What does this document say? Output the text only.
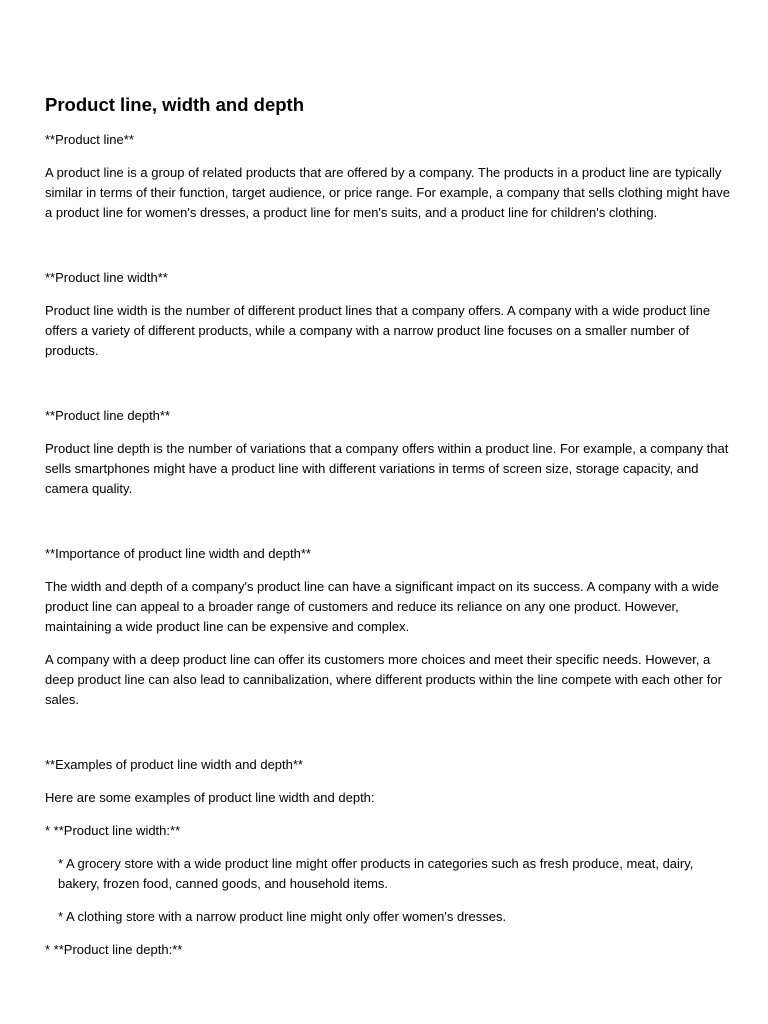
Product line, width and depth

**Product line**

A product line is a group of related products that are offered by a company. The products in a product line are typically similar in terms of their function, target audience, or price range. For example, a company that sells clothing might have a product line for women's dresses, a product line for men's suits, and a product line for children's clothing.

**Product line width**

Product line width is the number of different product lines that a company offers. A company with a wide product line offers a variety of different products, while a company with a narrow product line focuses on a smaller number of products.

**Product line depth**

Product line depth is the number of variations that a company offers within a product line. For example, a company that sells smartphones might have a product line with different variations in terms of screen size, storage capacity, and camera quality.

**Importance of product line width and depth**

The width and depth of a company's product line can have a significant impact on its success. A company with a wide product line can appeal to a broader range of customers and reduce its reliance on any one product. However, maintaining a wide product line can be expensive and complex.

A company with a deep product line can offer its customers more choices and meet their specific needs. However, a deep product line can also lead to cannibalization, where different products within the line compete with each other for sales.

**Examples of product line width and depth**

Here are some examples of product line width and depth:

* **Product line width:**

* A grocery store with a wide product line might offer products in categories such as fresh produce, meat, dairy, bakery, frozen food, canned goods, and household items.

* A clothing store with a narrow product line might only offer women's dresses.

* **Product line depth:**
